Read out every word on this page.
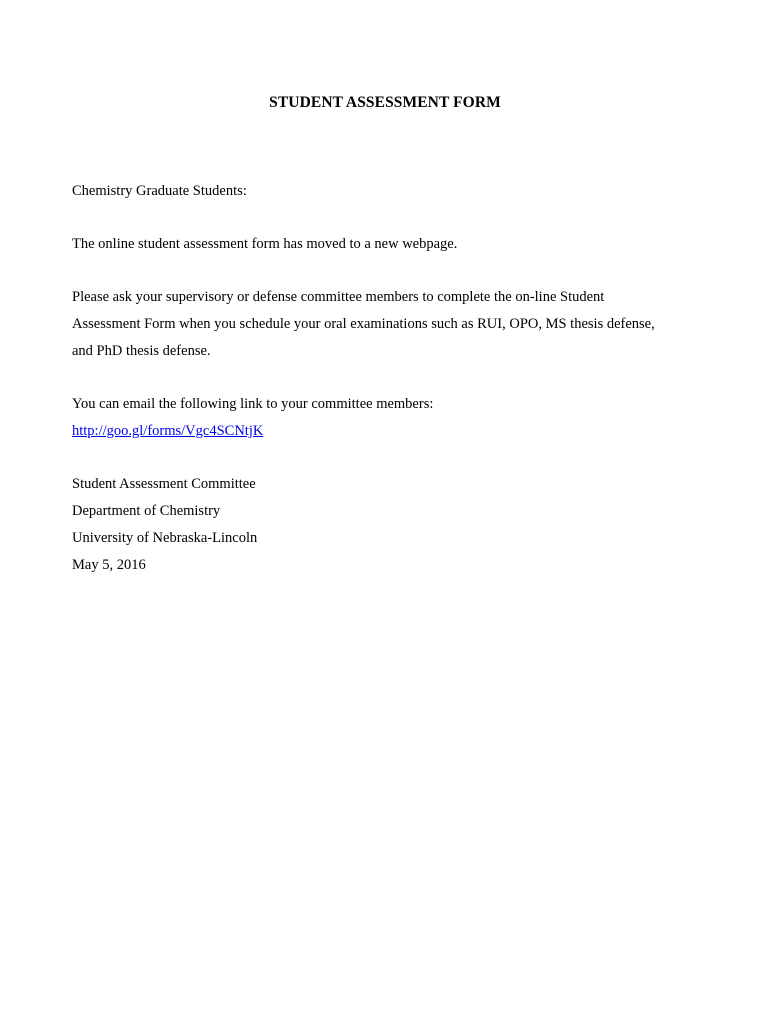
STUDENT ASSESSMENT FORM

Chemistry Graduate Students:

The online student assessment form has moved to a new webpage.

Please ask your supervisory or defense committee members to complete the on-line Student

Assessment Form when you schedule your oral examinations such as RUI, OPO, MS thesis defense,

and PhD thesis defense.

You can email the following link to your committee members:

http://goo.gl/forms/Vgc4SCNtjK

Student Assessment Committee

Department of Chemistry

University of Nebraska-Lincoln

May 5, 2016
